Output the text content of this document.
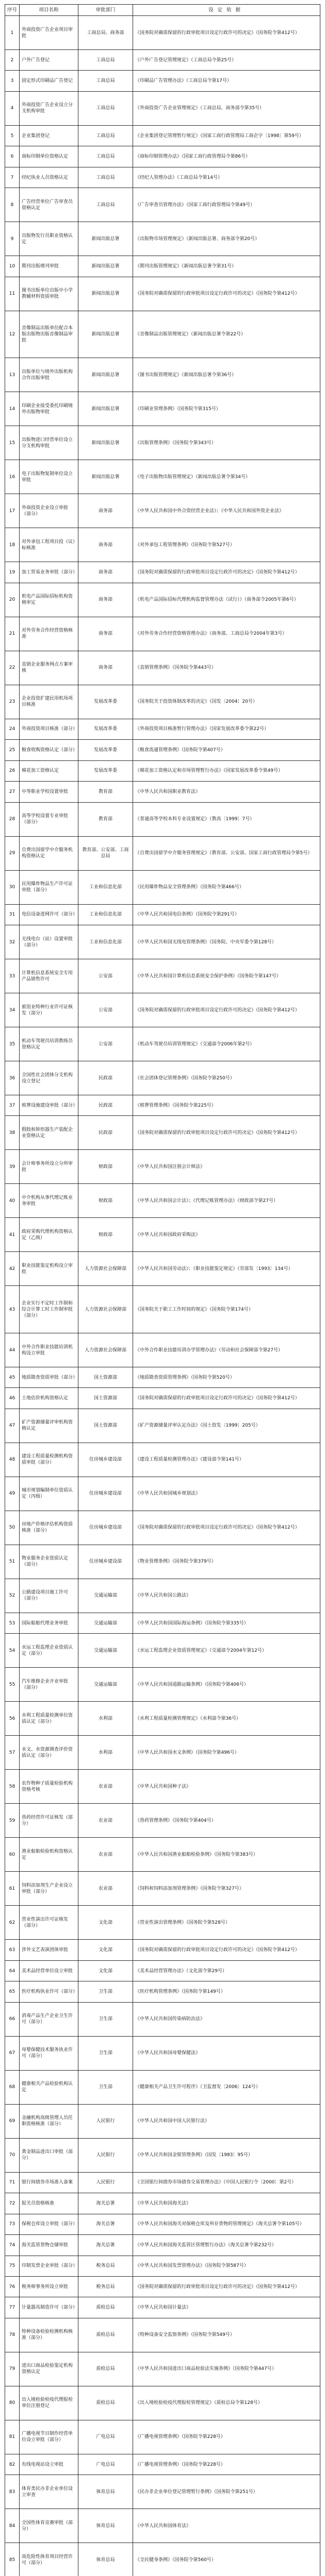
序号	项目名称	审批部门	设定依据
1	外商投资广告企业项目审批	工商总局、商务部	《国务院对确需保留的行政审批项目设定行政许可的决定》（国务院令第412号）
2	户外广告登记	工商总局	《户外广告登记管理规定》（工商总局令第25号）
3	固定形式印刷品广告登记	工商总局	《印刷品广告管理办法》（工商总局令第17号）
4	外商投资广告企业设立分支机构审批	工商总局	《外商投资广告企业管理规定》（工商总局、商务部令第35号）
5	企业集团登记	工商总局	《企业集团登记管理暂行规定》（国家工商行政管理局工商企字〔1998〕第59号）
6	商标印制单位资格认定	工商总局	《商标印制管理办法》（国家工商行政管理局令第86号）
7	经纪执业人员资格认定	工商总局	《经纪人管理办法》（工商总局令第14号）
8	广告经营单位广告审查员资格认定	工商总局	《广告审查员管理办法》（国家工商行政管理局令第49号）
9	出版物发行员职业资格认定	新闻出版总署	《出版物市场管理规定》（新闻出版总署、商务部令第20号）
10	期刊出版增刊审批	新闻出版总署	《期刊出版管理规定》（新闻出版总署令第31号）
11	图书出版单位出版中小学教辅材料资质审批	新闻出版总署	《国务院对确需保留的行政审批项目设定行政许可的决定》（国务院令第412号）
12	音像制品出版单位配合本版出版物出版音像制品审批	新闻出版总署	《音像制品出版管理规定》（新闻出版总署令第22号）
13	出版单位与境外出版机构合作出版审批	新闻出版总署	《图书出版管理规定》（新闻出版总署令第36号）
14	印刷企业接受委托印刷境外出版物审批	新闻出版总署	《印刷业管理条例》（国务院令第315号）
15	出版物进口经营单位设立分支机构审批	新闻出版总署	《出版管理条例》（国务院令第343号）
16	电子出版物复制单位设立审批	新闻出版总署	《电子出版物出版管理规定》（新闻出版总署令第34号）
17	外商投资企业设立审批（部分）	商务部	《中华人民共和国中外合资经营企业法》；《中华人民共和国外资企业法》
18	对外承包工程项目投（议）标核准	商务部	《对外承包工程管理条例》（国务院令第527号）
19	加工贸易业务审批（部分）	商务部	《国务院对确需保留的行政审批项目设定行政许可的决定》（国务院令第412号）
20	机电产品国际招标机构资格审定	商务部	《机电产品国际招标代理机构监督管理办法（试行）》（商务部令2005年第6号）
21	对外劳务合作经营资格核准	商务部	《对外劳务合作经营资格管理办法》（商务部、工商总局令2004年第3号）
22	直销企业服务网点方案审核	商务部	《直销管理条例》（国务院令第443号）
23	企业投资扩建民用机场项目核准	发展改革委	《国务院关于投资体制改革的决定》（国发〔2004〕20号）
24	外商投资项目核准（部分）	发展改革委	《外商投资项目核准暂行管理办法》（国家发展改革委令第22号）
25	粮食收购资格认定（部分）	发展改革委	《粮食流通管理条例》（国务院令第407号）
26	棉花加工资格认定	发展改革委	《棉花加工资格认定和市场管理暂行办法》（国家发展改革委令第49号）
27	中等职业学校设置审批	教育部	《中华人民共和国职业教育法》
28	高等学校设置专业审批（部分）	教育部	《普通高等学校本科专业设置规定》（教高〔1999〕7号）
29	自费出国留学中介服务机构资格认定	教育部、公安部、工商总局	《自费出国留学中介服务管理规定》（教育部、公安部、国家工商行政管理局令第5号）
30	民用爆炸物品生产许可证审批（部分）	工业和信息化部	《民用爆炸物品安全管理条例》（国务院令第466号）
31	电信设备进网许可（部分）	工业和信息化部	《中华人民共和国电信条例》（国务院令第291号）
32	无线电台（站）设置审批（部分）	工业和信息化部	《中华人民共和国无线电管理条例》（国务院、中央军委令第128号）
33	计算机信息系统安全专用产品销售许可	公安部	《中华人民共和国计算机信息系统安全保护条例》（国务院令第147号）
34	旅馆业特种行业许可证核发（部分）	公安部	《国务院对确需保留的行政审批项目设定行政许可的决定》（国务院令第412号）
35	机动车驾驶员培训教练员资格认定	公安部	《机动车驾驶员培训管理规定》（交通部令2006年第2号）
36	全国性社会团体分支机构设立登记	民政部	《社会团体登记管理条例》（国务院令第250号）
37	殡葬设施建设审批（部分）	民政部	《殡葬管理条例》（国务院令第225号）
38	假肢和矫形器生产装配企业资格认定	民政部	《国务院对确需保留的行政审批项目设定行政许可的决定》（国务院令第412号）
39	会计师事务所设立分所审批	财政部	《中华人民共和国注册会计师法》
40	中介机构从事代理记账业务审批	财政部	《中华人民共和国会计法》；《代理记账管理办法》（财政部令第27号）
41	政府采购代理机构资格认定（乙级）	财政部	《中华人民共和国政府采购法》
42	职业技能鉴定机构设立审批	人力资源社会保障部	《中华人民共和国劳动法》；《职业技能鉴定规定》（劳部发〔1993〕134号）
43	企业实行不定时工作制和综合计算工时工作制审批（部分）	人力资源社会保障部	《国务院关于职工工作时间的规定》（国务院令第174号）
44	中外合作职业技能培训机构设立审批	人力资源社会保障部	《中外合作职业技能培训办学管理办法》（劳动和社会保障部令第27号）
45	地质勘查资质审批（部分）	国土资源部	《地质勘查资质管理条例》（国务院令第520号）
46	土地估价机构资格认定	国土资源部	《国务院对确需保留的行政审批项目设定行政许可的决定》（国务院令第412号）
47	矿产资源储量评审机构资格认定	国土资源部	《矿产资源储量评审认定办法》（国土资发〔1999〕205号）
48	建设工程质量检测机构资质审批（部分）	住房城乡建设部	《建设工程质量检测管理办法》（建设部令第141号）
49	城市规划编制单位资质认定（丙级）	住房城乡建设部	《中华人民共和国城乡规划法》
50	房地产价格评估机构资质核准（部分）	住房城乡建设部	《国务院对确需保留的行政审批项目设定行政许可的决定》（国务院令第412号）
51	物业服务企业资质认定（部分）	住房城乡建设部	《物业管理条例》（国务院令第379号）
52	公路建设项目施工许可（部分）	交通运输部	《中华人民共和国公路法》
53	国际船舶代理业务审批	交通运输部	《中华人民共和国国际海运条例》（国务院令第335号）
54	水运工程监理企业资质认定（部分）	交通运输部	《水运工程监理企业资质管理规定》（交通部令2004年第12号）
55	汽车维修企业开业审批（部分）	交通运输部	《中华人民共和国道路运输条例》（国务院令第406号）
56	水利工程质量检测单位资质认定（部分）	水利部	《水利工程质量检测管理规定》（水利部令第36号）
57	水文、水资源调查评价资质认定（部分）	水利部	《中华人民共和国水文条例》（国务院令第496号）
58	农作物种子质量检验机构资格考核	农业部	《中华人民共和国种子法》
59	兽药经营许可证核发（部分）	农业部	《兽药管理条例》（国务院令第404号）
60	渔业船舶检验机构资格认定	农业部	《中华人民共和国渔业船舶检验条例》（国务院令第383号）
61	饲料添加剂生产企业设立审批（部分）	农业部	《饲料和饲料添加剂管理条例》（国务院令第327号）
62	营业性演出许可证核发（部分）	文化部	《营业性演出管理条例》（国务院令第528号）
63	涉外文艺表演团体审批	文化部	《国务院对确需保留的行政审批项目设定行政许可的决定》（国务院令第412号）
64	美术品经营单位设立审批	文化部	《美术品经营管理办法》（文化部令第29号）
65	医疗机构执业许可（部分）	卫生部	《医疗机构管理条例》（国务院令第149号）
66	消毒产品生产企业卫生许可（部分）	卫生部	《中华人民共和国传染病防治法》
67	母婴保健技术服务执业许可（部分）	卫生部	《中华人民共和国母婴保健法》
68	健康相关产品检验机构认定	卫生部	《健康相关产品卫生许可程序》（卫监督发〔2006〕124号）
69	金融机构高级管理人员任职资格核准（部分）	人民银行	《中华人民共和国中国人民银行法》
70	黄金制品进出口审批（部分）	人民银行	《中华人民共和国金银管理条例》（国发〔1983〕95号）
71	银行间债券市场准入备案	人民银行	《全国银行间债券市场债券交易管理办法》（中国人民银行令〔2000〕第2号）
72	报关员资格核准	海关总署	《中华人民共和国海关法》
73	保税仓库设立审批（部分）	海关总署	《中华人民共和国海关对保税仓库及所存货物的管理规定》（海关总署令第105号）
74	海关监管货物仓储审批	海关总署	《中华人民共和国海关监管区管理暂行办法》（海关总署令第232号）
75	印制发票企业审批（部分）	税务总局	《中华人民共和国发票管理办法》（国务院令第587号）
76	税务师事务所设立审批	税务总局	《国务院对确需保留的行政审批项目设定行政许可的决定》（国务院令第412号）
77	计量器具制造许可（部分）	质检总局	《中华人民共和国计量法》
78	特种设备检验检测机构核准（部分）	质检总局	《特种设备安全监察条例》（国务院令第549号）
79	进出口商品检验鉴定机构资格认定	质检总局	《中华人民共和国进出口商品检验法实施条例》（国务院令第447号）
80	出入境检验检疫代理报检单位注册登记	质检总局	《出入境检验检疫代理报检管理规定》（质检总局令第128号）
81	广播电视节目制作经营单位设立审批（部分）	广电总局	《广播电视管理条例》（国务院令第228号）
82	有线电视站设立审批	广电总局	《广播电视管理条例》（国务院令第228号）
83	体育类民办非企业单位设立审查	体育总局	《民办非企业单位登记管理暂行条例》（国务院令第251号）
84	全国性体育竞赛审批（部分）	体育总局	《中华人民共和国体育法》
85	高危险性体育项目经营许可（部分）	体育总局	《全民健身条例》（国务院令第560号）
